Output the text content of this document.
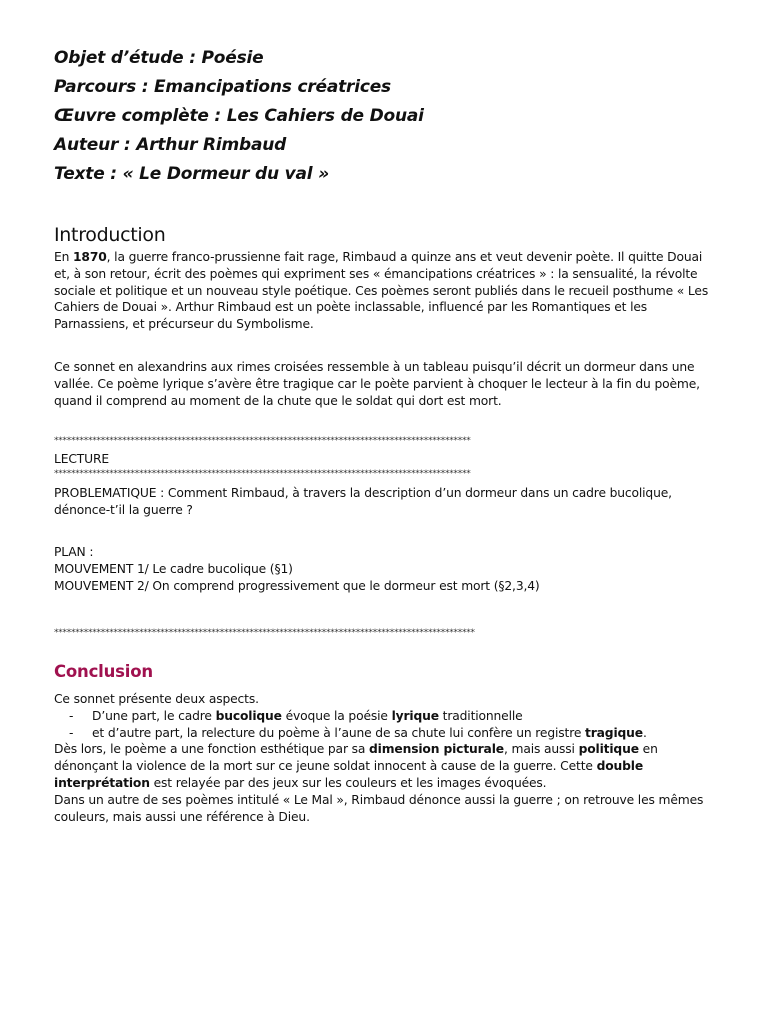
Objet d’étude : Poésie
Parcours : Emancipations créatrices
Œuvre complète : Les Cahiers de Douai
Auteur : Arthur Rimbaud
Texte : « Le Dormeur du val »
Introduction
En 1870, la guerre franco-prussienne fait rage, Rimbaud a quinze ans et veut devenir poète. Il quitte Douai et, à son retour, écrit des poèmes qui expriment ses « émancipations créatrices » : la sensualité, la révolte sociale et politique et un nouveau style poétique. Ces poèmes seront publiés dans le recueil posthume « Les Cahiers de Douai ». Arthur Rimbaud est un poète inclassable, influencé par les Romantiques et les Parnassiens, et précurseur du Symbolisme.
Ce sonnet en alexandrins aux rimes croisées ressemble à un tableau puisqu’il décrit un dormeur dans une vallée. Ce poème lyrique s’avère être tragique car le poète parvient à choquer le lecteur à la fin du poème, quand il comprend au moment de la chute que le soldat qui dort est mort.
**************************************************************************************************
LECTURE
**************************************************************************************************
PROBLEMATIQUE : Comment Rimbaud, à travers la description d’un dormeur dans un cadre bucolique, dénonce-t’il la guerre ?
PLAN :
MOUVEMENT 1/ Le cadre bucolique (§1)
MOUVEMENT 2/ On comprend progressivement que le dormeur est mort (§2,3,4)
***************************************************************************************************
Conclusion

Ce sonnet présente deux aspects.

- D’une part, le cadre bucolique évoque la poésie lyrique traditionnelle
- et d’autre part, la relecture du poème à l’aune de sa chute lui confère un registre tragique.

Dès lors, le poème a une fonction esthétique par sa dimension picturale, mais aussi politique en dénonçant la violence de la mort sur ce jeune soldat innocent à cause de la guerre. Cette double interprétation est relayée par des jeux sur les couleurs et les images évoquées.

Dans un autre de ses poèmes intitulé « Le Mal », Rimbaud dénonce aussi la guerre ; on retrouve les mêmes couleurs, mais aussi une référence à Dieu.
